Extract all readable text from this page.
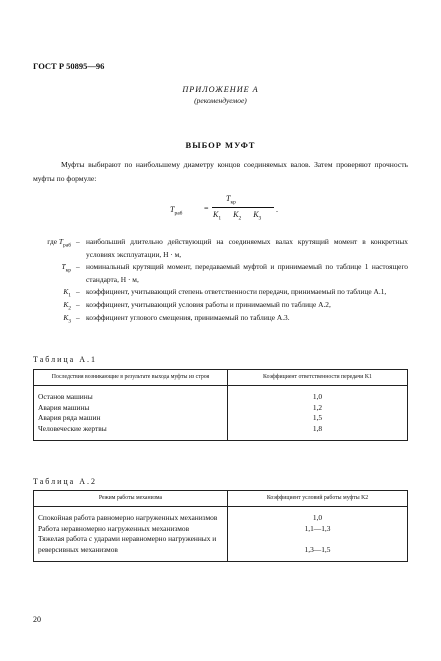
ГОСТ Р 50895—96
ПРИЛОЖЕНИЕ А
(рекомендуемое)
ВЫБОР МУФТ
Муфты выбирают по наибольшему диаметру концов соединяемых валов. Затем проверяют прочность муфты по формуле:
$T_{раб}$
=
$T_{кр}$
$K_1$ $K_2$ $K_3$
.
где $T_{раб}$ – наибольший длительно действующий на соединяемых валах крутящий момент в конкретных условиях эксплуатации, Н · м,
$T_{кр}$ – номинальный крутящий момент, передаваемый муфтой и принимаемый по таблице 1 настоящего стандарта, Н · м,
$K_1$ – коэффициент, учитывающий степень ответственности передачи, принимаемый по таблице А.1,
$K_2$ – коэффициент, учитывающий условия работы и принимаемый по таблице А.2,
$K_3$ – коэффициент углового смещения, принимаемый по таблице А.3.
Таблица А.1
Последствия возникающие в результате выхода муфты из строя	Коэффициент ответственности передачи K1
Останов машины	1,0
Авария машины	1,2
Авария ряда машин	1,5
Человеческие жертвы	1,8
Таблица А.2
Режим работы механизма	Коэффициент условий работы муфты K2
Спокойная работа равномерно нагруженных механизмов	1,0
Работа неравномерно нагруженных механизмов	1,1—1,3
Тяжелая работа с ударами неравномерно нагруженных и реверсивных механизмов	1,3—1,5
20
